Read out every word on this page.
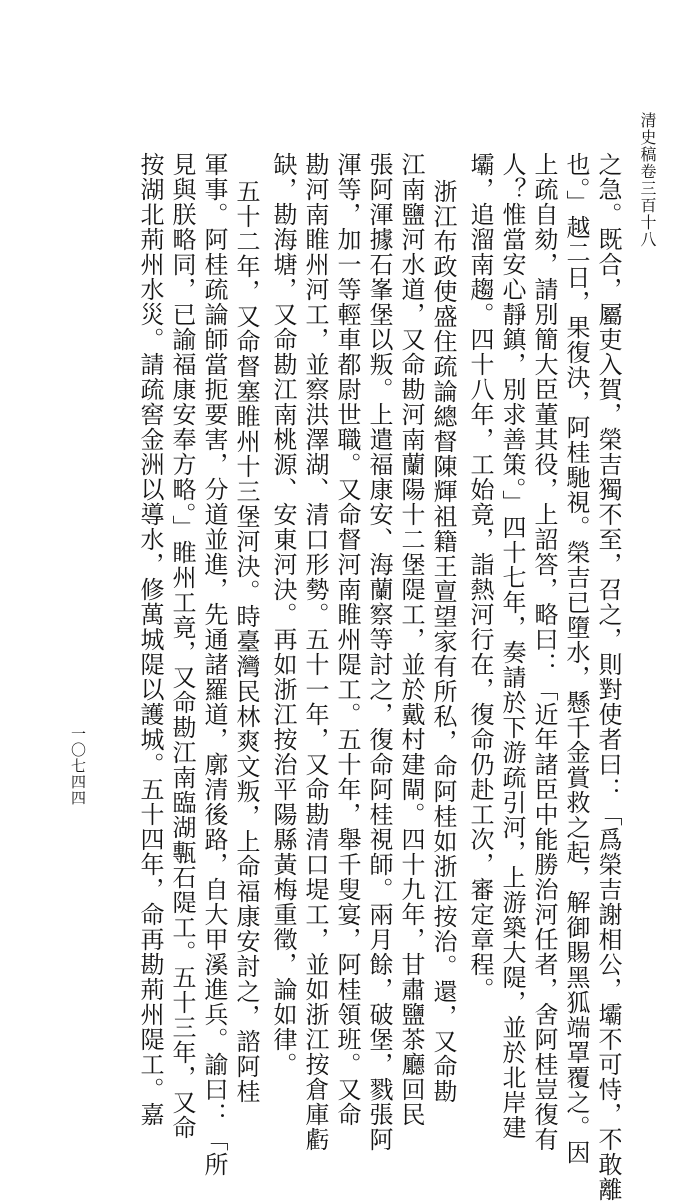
清史稿卷三百十八
一〇七四四	之急。既合，屬吏入賀，榮吉獨不至，召之，則對使者曰：「爲榮吉謝相公，壩不可恃，不敢離
也。」越二日，果復決，阿桂馳視。榮吉已墮水，懸千金賞救之起，解御賜黑狐端罩覆之。因
上疏自劾，請別簡大臣董其役，上詔答，略曰：「近年諸臣中能勝治河任者，舍阿桂豈復有
人？惟當安心靜鎮，別求善策。」四十七年，奏請於下游疏引河，上游築大隄，並於北岸建
壩，追溜南趨。四十八年，工始竟，詣熱河行在，復命仍赴工次，審定章程。
浙江布政使盛住疏論總督陳輝祖籍王亶望家有所私，命阿桂如浙江按治。還，又命勘
江南鹽河水道，又命勘河南蘭陽十二堡隄工，並於戴村建閘。四十九年，甘肅鹽茶廳回民
張阿渾據石峯堡以叛。上遣福康安、海蘭察等討之，復命阿桂視師。兩月餘，破堡，戮張阿
渾等，加一等輕車都尉世職。又命督河南睢州隄工。五十年，舉千叟宴，阿桂領班。又命
勘河南睢州河工，並察洪澤湖、清口形勢。五十一年，又命勘清口堤工，並如浙江按倉庫虧
缺，勘海塘，又命勘江南桃源、安東河決。再如浙江按治平陽縣黃梅重徵，論如律。
五十二年，又命督塞睢州十三堡河決。時臺灣民林爽文叛，上命福康安討之，諮阿桂
軍事。阿桂疏論師當扼要害，分道並進，先通諸羅道，廓清後路，自大甲溪進兵。諭曰：「所
見與朕略同，已諭福康安奉方略。」睢州工竟，又命勘江南臨湖甎石隄工。五十三年，又命
按湖北荊州水災。請疏窖金洲以導水，修萬城隄以護城。五十四年，命再勘荊州隄工。嘉
